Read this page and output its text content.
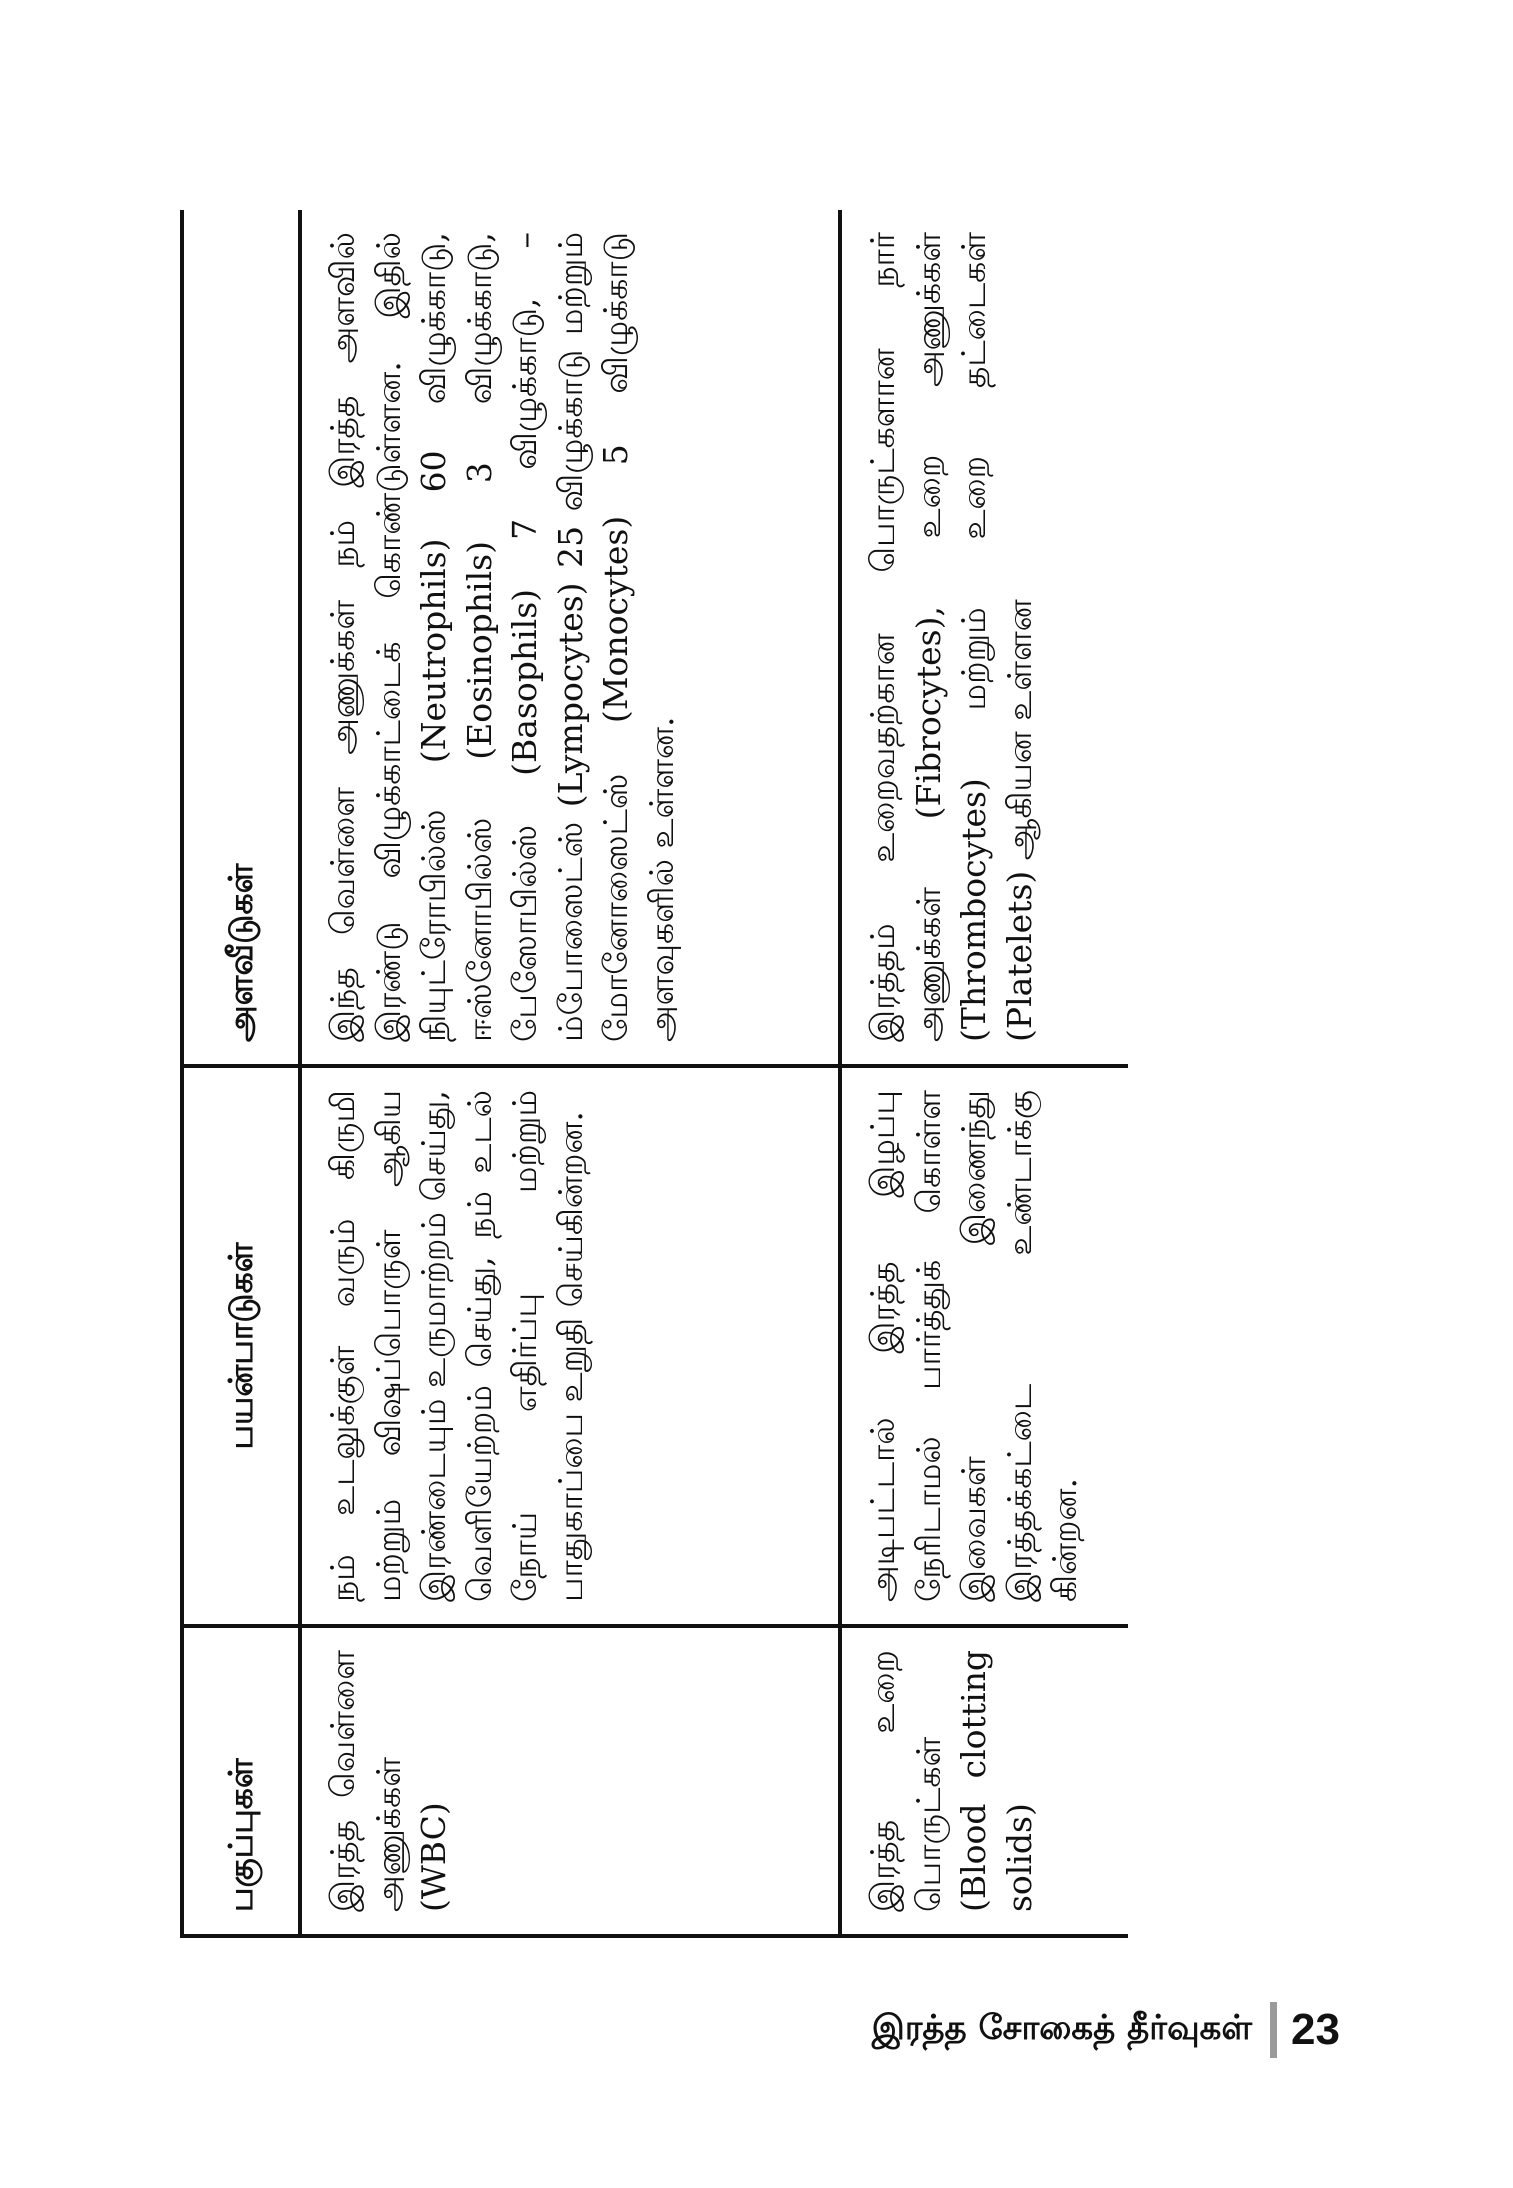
பகுப்புகள்	பயன்பாடுகள்	அளவீடுகள்
இரத்த வெள்ளை அணுக்கள் (WBC)	நம் உடலுக்குள் வரும் கிருமி மற்றும் விஷப்பொருள் ஆகிய இரண்டையும் உருமாற்றம் செய்து, வெளியேற்றம் செய்து, நம் உடல் நோய் எதிர்ப்பு மற்றும் பாதுகாப்பை உறுதி செய்கின்றன.	இந்த வெள்ளை அணுக்கள் நம் இரத்த அளவில் இரண்டு விழுக்காட்டைக் கொண்டுள்ளன. இதில் நியுட்ரோபில்ஸ் (Neutrophils) 60 விழுக்காடு, ஈஸ்னோபில்ஸ் (Eosinophils) 3 விழுக்காடு, பேஸோபில்ஸ் (Basophils) 7 விழுக்காடு, – ம்போஸைட்ஸ் (Lympocytes) 25 விழுக்காடு மற்றும் மோனோஸைட்ஸ் (Monocytes) 5 விழுக்காடு அளவுகளில் உள்ளன.
இரத்த உறை பொருட்கள் (Blood clotting solids)	அடிபட்டால் இரத்த இழப்பு நேரிடாமல் பார்த்துக் கொள்ள இவைகள் இணைந்து இரத்தக்கட்டை உண்டாக்கு கின்றன.	இரத்தம் உறைவதற்கான பொருட்களான நார் அணுக்கள் (Fibrocytes), உறை அணுக்கள் (Thrombocytes) மற்றும் உறை தட்டைகள் (Platelets) ஆகியன உள்ளன
இரத்த சோகைத் தீர்வுகள் 23
